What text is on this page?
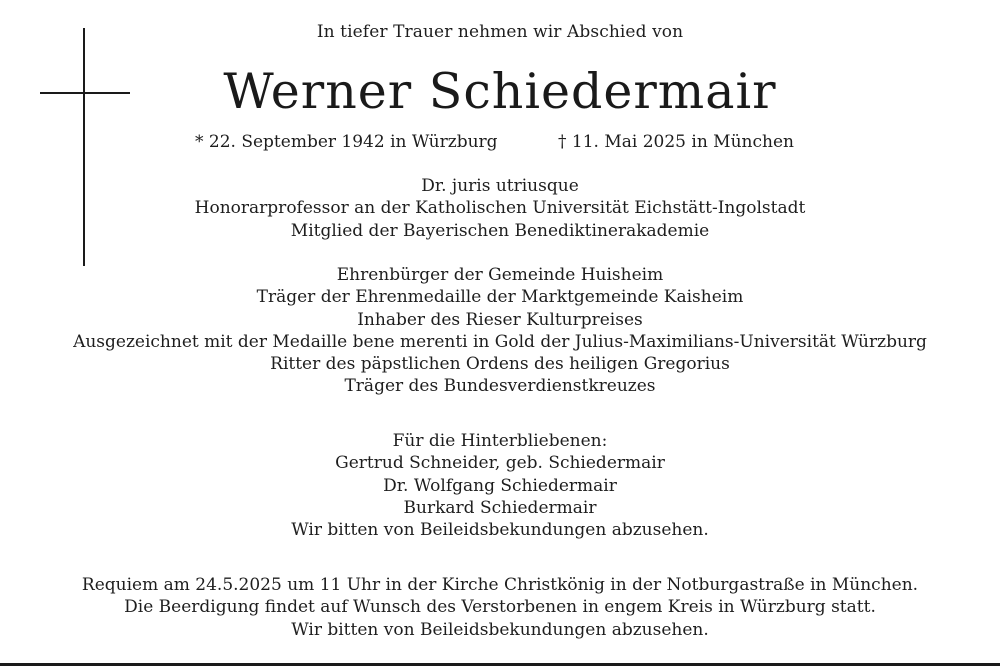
In tiefer Trauer nehmen wir Abschied von
Werner Schiedermair
* 22. September 1942 in Würzburg	† 11. Mai 2025 in München
Dr. juris utriusque
Honorarprofessor an der Katholischen Universität Eichstätt-Ingolstadt
Mitglied der Bayerischen Benediktinerakademie
Ehrenbürger der Gemeinde Huisheim
Träger der Ehrenmedaille der Marktgemeinde Kaisheim
Inhaber des Rieser Kulturpreises
Ausgezeichnet mit der Medaille bene merenti in Gold der Julius-Maximilians-Universität Würzburg
Ritter des päpstlichen Ordens des heiligen Gregorius
Träger des Bundesverdienstkreuzes
Für die Hinterbliebenen:
Gertrud Schneider, geb. Schiedermair
Dr. Wolfgang Schiedermair
Burkard Schiedermair
Wir bitten von Beileidsbekundungen abzusehen.
Requiem am 24.5.2025 um 11 Uhr in der Kirche Christkönig in der Notburgastraße in München.
Die Beerdigung findet auf Wunsch des Verstorbenen in engem Kreis in Würzburg statt.
Wir bitten von Beileidsbekundungen abzusehen.
